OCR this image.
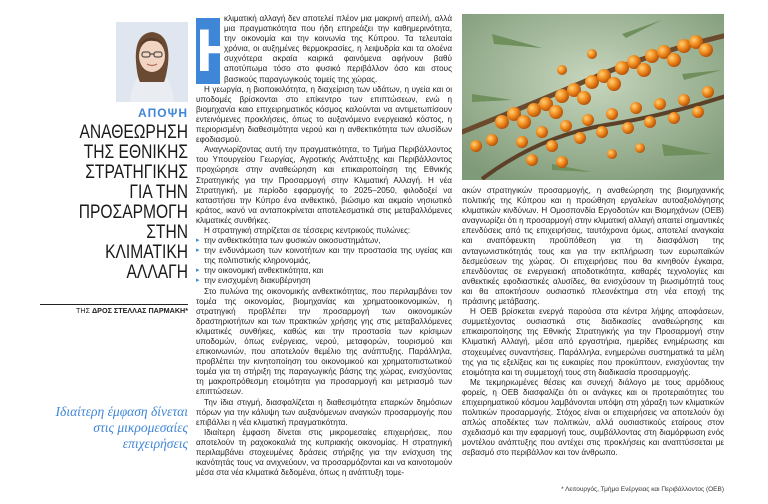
ΑΠΟΨΗ
ΑΝΑΘΕΩΡΗΣΗ
ΤΗΣ ΕΘΝΙΚΗΣ
ΣΤΡΑΤΗΓΙΚΗΣ
ΓΙΑ ΤΗΝ
ΠΡΟΣΑΡΜΟΓΗ
ΣΤΗΝ
ΚΛΙΜΑΤΙΚΗ
ΑΛΛΑΓΗ
ΤΗΣ ΔΡΟΣ ΣΤΕΛΛΑΣ ΠΑΡΜΑΚΗ*
Ιδιαίτερη έμφαση δίνεται στις μικρομεσαίες επιχειρήσεις
Η

κλιματική αλλαγή δεν αποτελεί πλέον μια μακρινή απειλή, αλλά μια πραγματικότητα που ήδη επηρεάζει την καθημερινότητα, την οικονομία και την κοινωνία της Κύπρου. Τα τελευταία χρόνια, οι αυξημένες θερμοκρασίες, η λειψυδρία και τα ολοένα συχνότερα ακραία καιρικά φαινόμενα αφήνουν βαθύ αποτύπωμα τόσο στο φυσικό περιβάλλον όσο και στους βασικούς παραγωγικούς τομείς της χώρας.

Η γεωργία, η βιοποικιλότητα, η διαχείριση των υδάτων, η υγεία και οι υποδομές βρίσκονται στο επίκεντρο των επιπτώσεων, ενώ η βιομηχανία καιο επιχειρηματικός κόσμος καλούνται να αντιμετωπίσουν εντεινόμενες προκλήσεις, όπως το αυξανόμενο ενεργειακό κόστος, η περιορισμένη διαθεσιμότητα νερού και η ανθεκτικότητα των αλυσίδων εφοδιασμού.

Αναγνωρίζοντας αυτή την πραγματικότητα, το Τμήμα Περιβάλλοντος του Υπουργείου Γεωργίας, Αγροτικής Ανάπτυξης και Περιβάλλοντος προχώρησε στην αναθεώρηση και επικαιροποίηση της Εθνικής Στρατηγικής για την Προσαρμογή στην Κλιματική Αλλαγή. Η νέα Στρατηγική, με περίοδο εφαρμογής το 2025–2050, φιλοδοξεί να καταστήσει την Κύπρο ένα ανθεκτικό, βιώσιμο και ακμαίο νησιωτικό κράτος, ικανό να ανταποκρίνεται αποτελεσματικά στις μεταβαλλόμενες κλιματικές συνθήκες.

Η στρατηγική στηρίζεται σε τέσσερις κεντρικούς πυλώνες:

▸ την ανθεκτικότητα των φυσικών οικοσυστημάτων,
▸ την ενδυνάμωση των κοινοτήτων και την προστασία της υγείας και της πολιτιστικής κληρονομιάς,
▸ την οικονομική ανθεκτικότητα, και
▸ την ενισχυμένη διακυβέρνηση

Στο πυλώνα της οικονομικής ανθεκτικότητας, που περιλαμβάνει τον τομέα της οικονομίας, βιομηχανίας και χρηματοοικονομικών, η στρατηγική προβλέπει την προσαρμογή των οικονομικών δραστηριοτήτων και των πρακτικών χρήσης γης στις μεταβαλλόμενες κλιματικές συνθήκες, καθώς και την προστασία των κρίσιμων υποδομών, όπως ενέργειας, νερού, μεταφορών, τουρισμού και επικοινωνιών, που αποτελούν θεμέλιο της ανάπτυξης. Παράλληλα, προβλέπει την κινητοποίηση του οικονομικού και χρηματοπιστωτικού τομέα για τη στήριξη της παραγωγικής βάσης της χώρας, ενισχύοντας τη μακροπρόθεσμη ετοιμότητα για προσαρμογή και μετριασμό των επιπτώσεων.

Την ίδια στιγμή, διασφαλίζεται η διαθεσιμότητα επαρκών δημόσιων πόρων για την κάλυψη των αυξανόμενων αναγκών προσαρμογής που επιβάλλει η νέα κλιματική πραγματικότητα.

Ιδιαίτερη έμφαση δίνεται στις μικρομεσαίες επιχειρήσεις, που αποτελούν τη ραχοκοκαλιά της κυπριακής οικονομίας. Η στρατηγική περιλαμβάνει στοχευμένες δράσεις στήριξης για την ενίσχυση της ικανότητάς τους να ανιχνεύουν, να προσαρμόζονται και να καινοτομούν μέσα στα νέα κλιματικά δεδομένα, όπως η ανάπτυξη τομε-

ακών στρατηγικών προσαρμογής, η αναθεώρηση της βιομηχανικής πολιτικής της Κύπρου και η προώθηση εργαλείων αυτοαξιολόγησης κλιματικών κινδύνων. Η Ομοσπονδία Εργοδοτών και Βιομηχάνων (ΟΕΒ) αναγνωρίζει ότι η προσαρμογή στην κλιματική αλλαγή απαιτεί σημαντικές επενδύσεις από τις επιχειρήσεις, ταυτόχρονα όμως, αποτελεί αναγκαία και αναπόφευκτη προϋπόθεση για τη διασφάλιση της ανταγωνιστικότητάς τους και για την εκπλήρωση των ευρωπαϊκών δεσμεύσεων της χώρας. Οι επιχειρήσεις που θα κινηθούν έγκαιρα, επενδύοντας σε ενεργειακή αποδοτικότητα, καθαρές τεχνολογίες και ανθεκτικές εφοδιαστικές αλυσίδες, θα ενισχύσουν τη βιωσιμότητά τους και θα αποκτήσουν ουσιαστικό πλεονέκτημα στη νέα εποχή της πράσινης μετάβασης.

Η ΟΕΒ βρίσκεται ενεργά παρούσα στα κέντρα λήψης αποφάσεων, συμμετέχοντας ουσιαστικά στις διαδικασίες αναθεώρησης και επικαιροποίησης της Εθνικής Στρατηγικής για την Προσαρμογή στην Κλιματική Αλλαγή, μέσα από εργαστήρια, ημερίδες ενημέρωσης και στοχευμένες συναντήσεις. Παράλληλα, ενημερώνει συστηματικά τα μέλη της για τις εξελίξεις και τις ευκαιρίες που προκύπτουν, ενισχύοντας την ετοιμότητα και τη συμμετοχή τους στη διαδικασία προσαρμογής.

Με τεκμηριωμένες θέσεις και συνεχή διάλογο με τους αρμόδιους φορείς, η ΟΕΒ διασφαλίζει ότι οι ανάγκες και οι προτεραιότητες του επιχειρηματικού κόσμου λαμβάνονται υπόψη στη χάραξη των κλιματικών πολιτικών προσαρμογής. Στόχος είναι οι επιχειρήσεις να αποτελούν όχι απλώς αποδέκτες των πολιτικών, αλλά ουσιαστικούς εταίρους στον σχεδιασμό και την εφαρμογή τους, συμβάλλοντας στη διαμόρφωση ενός μοντέλου ανάπτυξης που αντέχει στις προκλήσεις και αναπτύσσεται με σεβασμό στο περιβάλλον και τον άνθρωπο.

* Λειτουργός, Τμήμα Ενέργειας και Περιβάλλοντος (ΟΕΒ)
